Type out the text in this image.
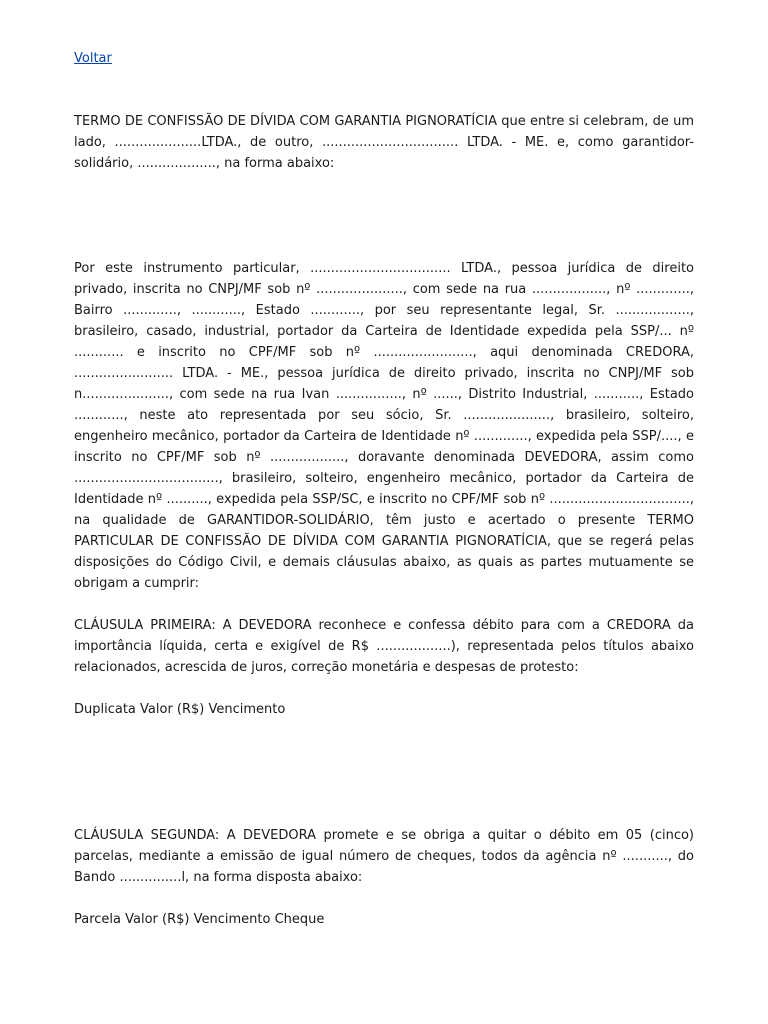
Voltar

TERMO DE CONFISSÃO DE DÍVIDA COM GARANTIA PIGNORATÍCIA que entre si celebram, de um lado, .....................LTDA., de outro, ................................. LTDA. - ME. e, como garantidor-solidário, ..................., na forma abaixo:

Por este instrumento particular, .................................. LTDA., pessoa jurídica de direito privado, inscrita no CNPJ/MF sob nº ....................., com sede na rua .................., nº ............., Bairro ............., ............, Estado ............, por seu representante legal, Sr. .................., brasileiro, casado, industrial, portador da Carteira de Identidade expedida pela SSP/... nº ............ e inscrito no CPF/MF sob nº ........................, aqui denominada CREDORA, ........................ LTDA. - ME., pessoa jurídica de direito privado, inscrita no CNPJ/MF sob n....................., com sede na rua Ivan ................, nº ......, Distrito Industrial, ..........., Estado ............, neste ato representada por seu sócio, Sr. ....................., brasileiro, solteiro, engenheiro mecânico, portador da Carteira de Identidade nº ............., expedida pela SSP/...., e inscrito no CPF/MF sob nº .................., doravante denominada DEVEDORA, assim como ..................................., brasileiro, solteiro, engenheiro mecânico, portador da Carteira de Identidade nº .........., expedida pela SSP/SC, e inscrito no CPF/MF sob nº .................................., na qualidade de GARANTIDOR-SOLIDÁRIO, têm justo e acertado o presente TERMO PARTICULAR DE CONFISSÃO DE DÍVIDA COM GARANTIA PIGNORATÍCIA, que se regerá pelas disposições do Código Civil, e demais cláusulas abaixo, as quais as partes mutuamente se obrigam a cumprir:

CLÁUSULA PRIMEIRA: A DEVEDORA reconhece e confessa débito para com a CREDORA da importância líquida, certa e exigível de R$ ..................), representada pelos títulos abaixo relacionados, acrescida de juros, correção monetária e despesas de protesto:

Duplicata Valor (R$) Vencimento

CLÁUSULA SEGUNDA: A DEVEDORA promete e se obriga a quitar o débito em 05 (cinco) parcelas, mediante a emissão de igual número de cheques, todos da agência nº ..........., do Bando ...............l, na forma disposta abaixo:

Parcela Valor (R$) Vencimento Cheque
